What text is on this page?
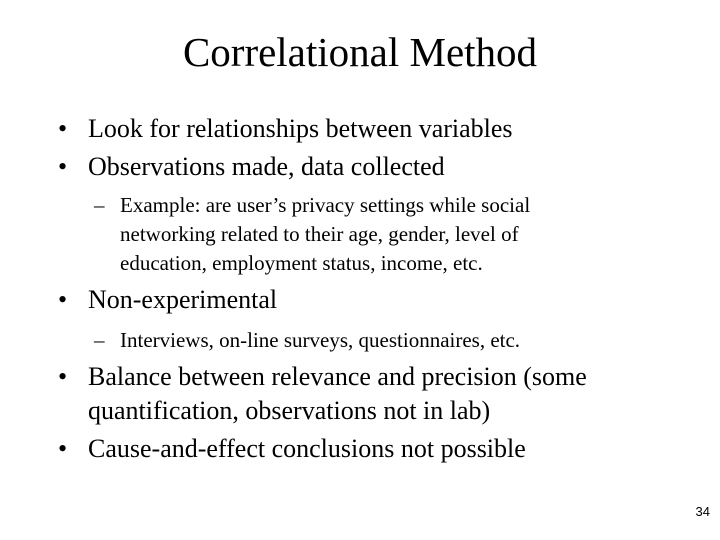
Correlational Method
• Look for relationships between variables
• Observations made, data collected
– Example: are user’s privacy settings while social
networking related to their age, gender, level of
education, employment status, income, etc.
• Non-experimental
– Interviews, on-line surveys, questionnaires, etc.
• Balance between relevance and precision (some
quantification, observations not in lab)
• Cause-and-effect conclusions not possible
34
